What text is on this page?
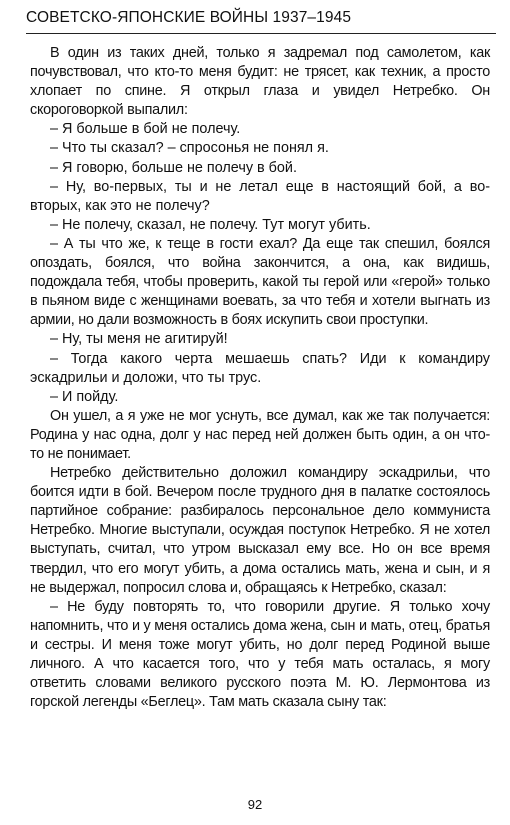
СОВЕТСКО-ЯПОНСКИЕ ВОЙНЫ 1937–1945

В один из таких дней, только я задремал под самолетом, как почувствовал, что кто-то меня будит: не трясет, как техник, а просто хлопает по спине. Я открыл глаза и увидел Нетребко. Он скороговоркой выпалил:

– Я больше в бой не полечу.

– Что ты сказал? – спросонья не понял я.

– Я говорю, больше не полечу в бой.

– Ну, во-первых, ты и не летал еще в настоящий бой, а во-вторых, как это не полечу?

– Не полечу, сказал, не полечу. Тут могут убить.

– А ты что же, к теще в гости ехал? Да еще так спешил, боялся опоздать, боялся, что война закончится, а она, как видишь, подождала тебя, чтобы проверить, какой ты герой или «герой» только в пьяном виде с женщинами воевать, за что тебя и хотели выгнать из армии, но дали возможность в боях искупить свои проступки.

– Ну, ты меня не агитируй!

– Тогда какого черта мешаешь спать? Иди к командиру эскадрильи и доложи, что ты трус.

– И пойду.

Он ушел, а я уже не мог уснуть, все думал, как же так получается: Родина у нас одна, долг у нас перед ней должен быть один, а он что-то не понимает.

Нетребко действительно доложил командиру эскадрильи, что боится идти в бой. Вечером после трудного дня в палатке состоялось партийное собрание: разбиралось персональное дело коммуниста Нетребко. Многие выступали, осуждая поступок Нетребко. Я не хотел выступать, считал, что утром высказал ему все. Но он все время твердил, что его могут убить, а дома остались мать, жена и сын, и я не выдержал, попросил слова и, обращаясь к Нетребко, сказал:

– Не буду повторять то, что говорили другие. Я только хочу напомнить, что и у меня остались дома жена, сын и мать, отец, братья и сестры. И меня тоже могут убить, но долг перед Родиной выше личного. А что касается того, что у тебя мать осталась, я могу ответить словами великого русского поэта М. Ю. Лермонтова из горской легенды «Беглец». Там мать сказала сыну так:

92
